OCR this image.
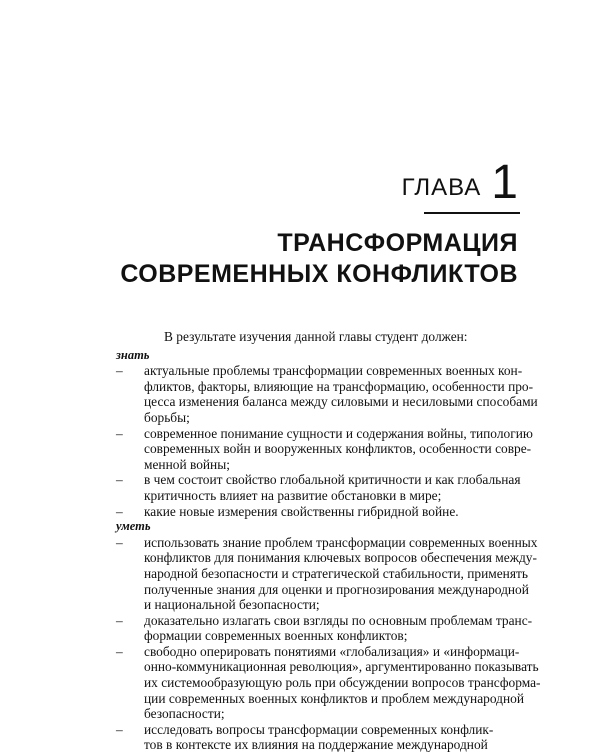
ГЛАВА 1
ТРАНСФОРМАЦИЯ
СОВРЕМЕННЫХ КОНФЛИКТОВ

В результате изучения данной главы студент должен:

знать

– актуальные проблемы трансформации современных военных кон-
фликтов, факторы, влияющие на трансформацию, особенности про-
цесса изменения баланса между силовыми и несиловыми способами
борьбы;
– современное понимание сущности и содержания войны, типологию
современных войн и вооруженных конфликтов, особенности совре-
менной войны;
– в чем состоит свойство глобальной критичности и как глобальная
критичность влияет на развитие обстановки в мире;
– какие новые измерения свойственны гибридной войне.

уметь

– использовать знание проблем трансформации современных военных
конфликтов для понимания ключевых вопросов обеспечения между-
народной безопасности и стратегической стабильности, применять
полученные знания для оценки и прогнозирования международной
и национальной безопасности;
– доказательно излагать свои взгляды по основным проблемам транс-
формации современных военных конфликтов;
– свободно оперировать понятиями «глобализация» и «информаци-
онно-коммуникационная революция», аргументированно показывать
их системообразующую роль при обсуждении вопросов трансформа-
ции современных военных конфликтов и проблем международной
безопасности;
– исследовать вопросы трансформации современных конфлик-
тов в контексте их влияния на поддержание международной
